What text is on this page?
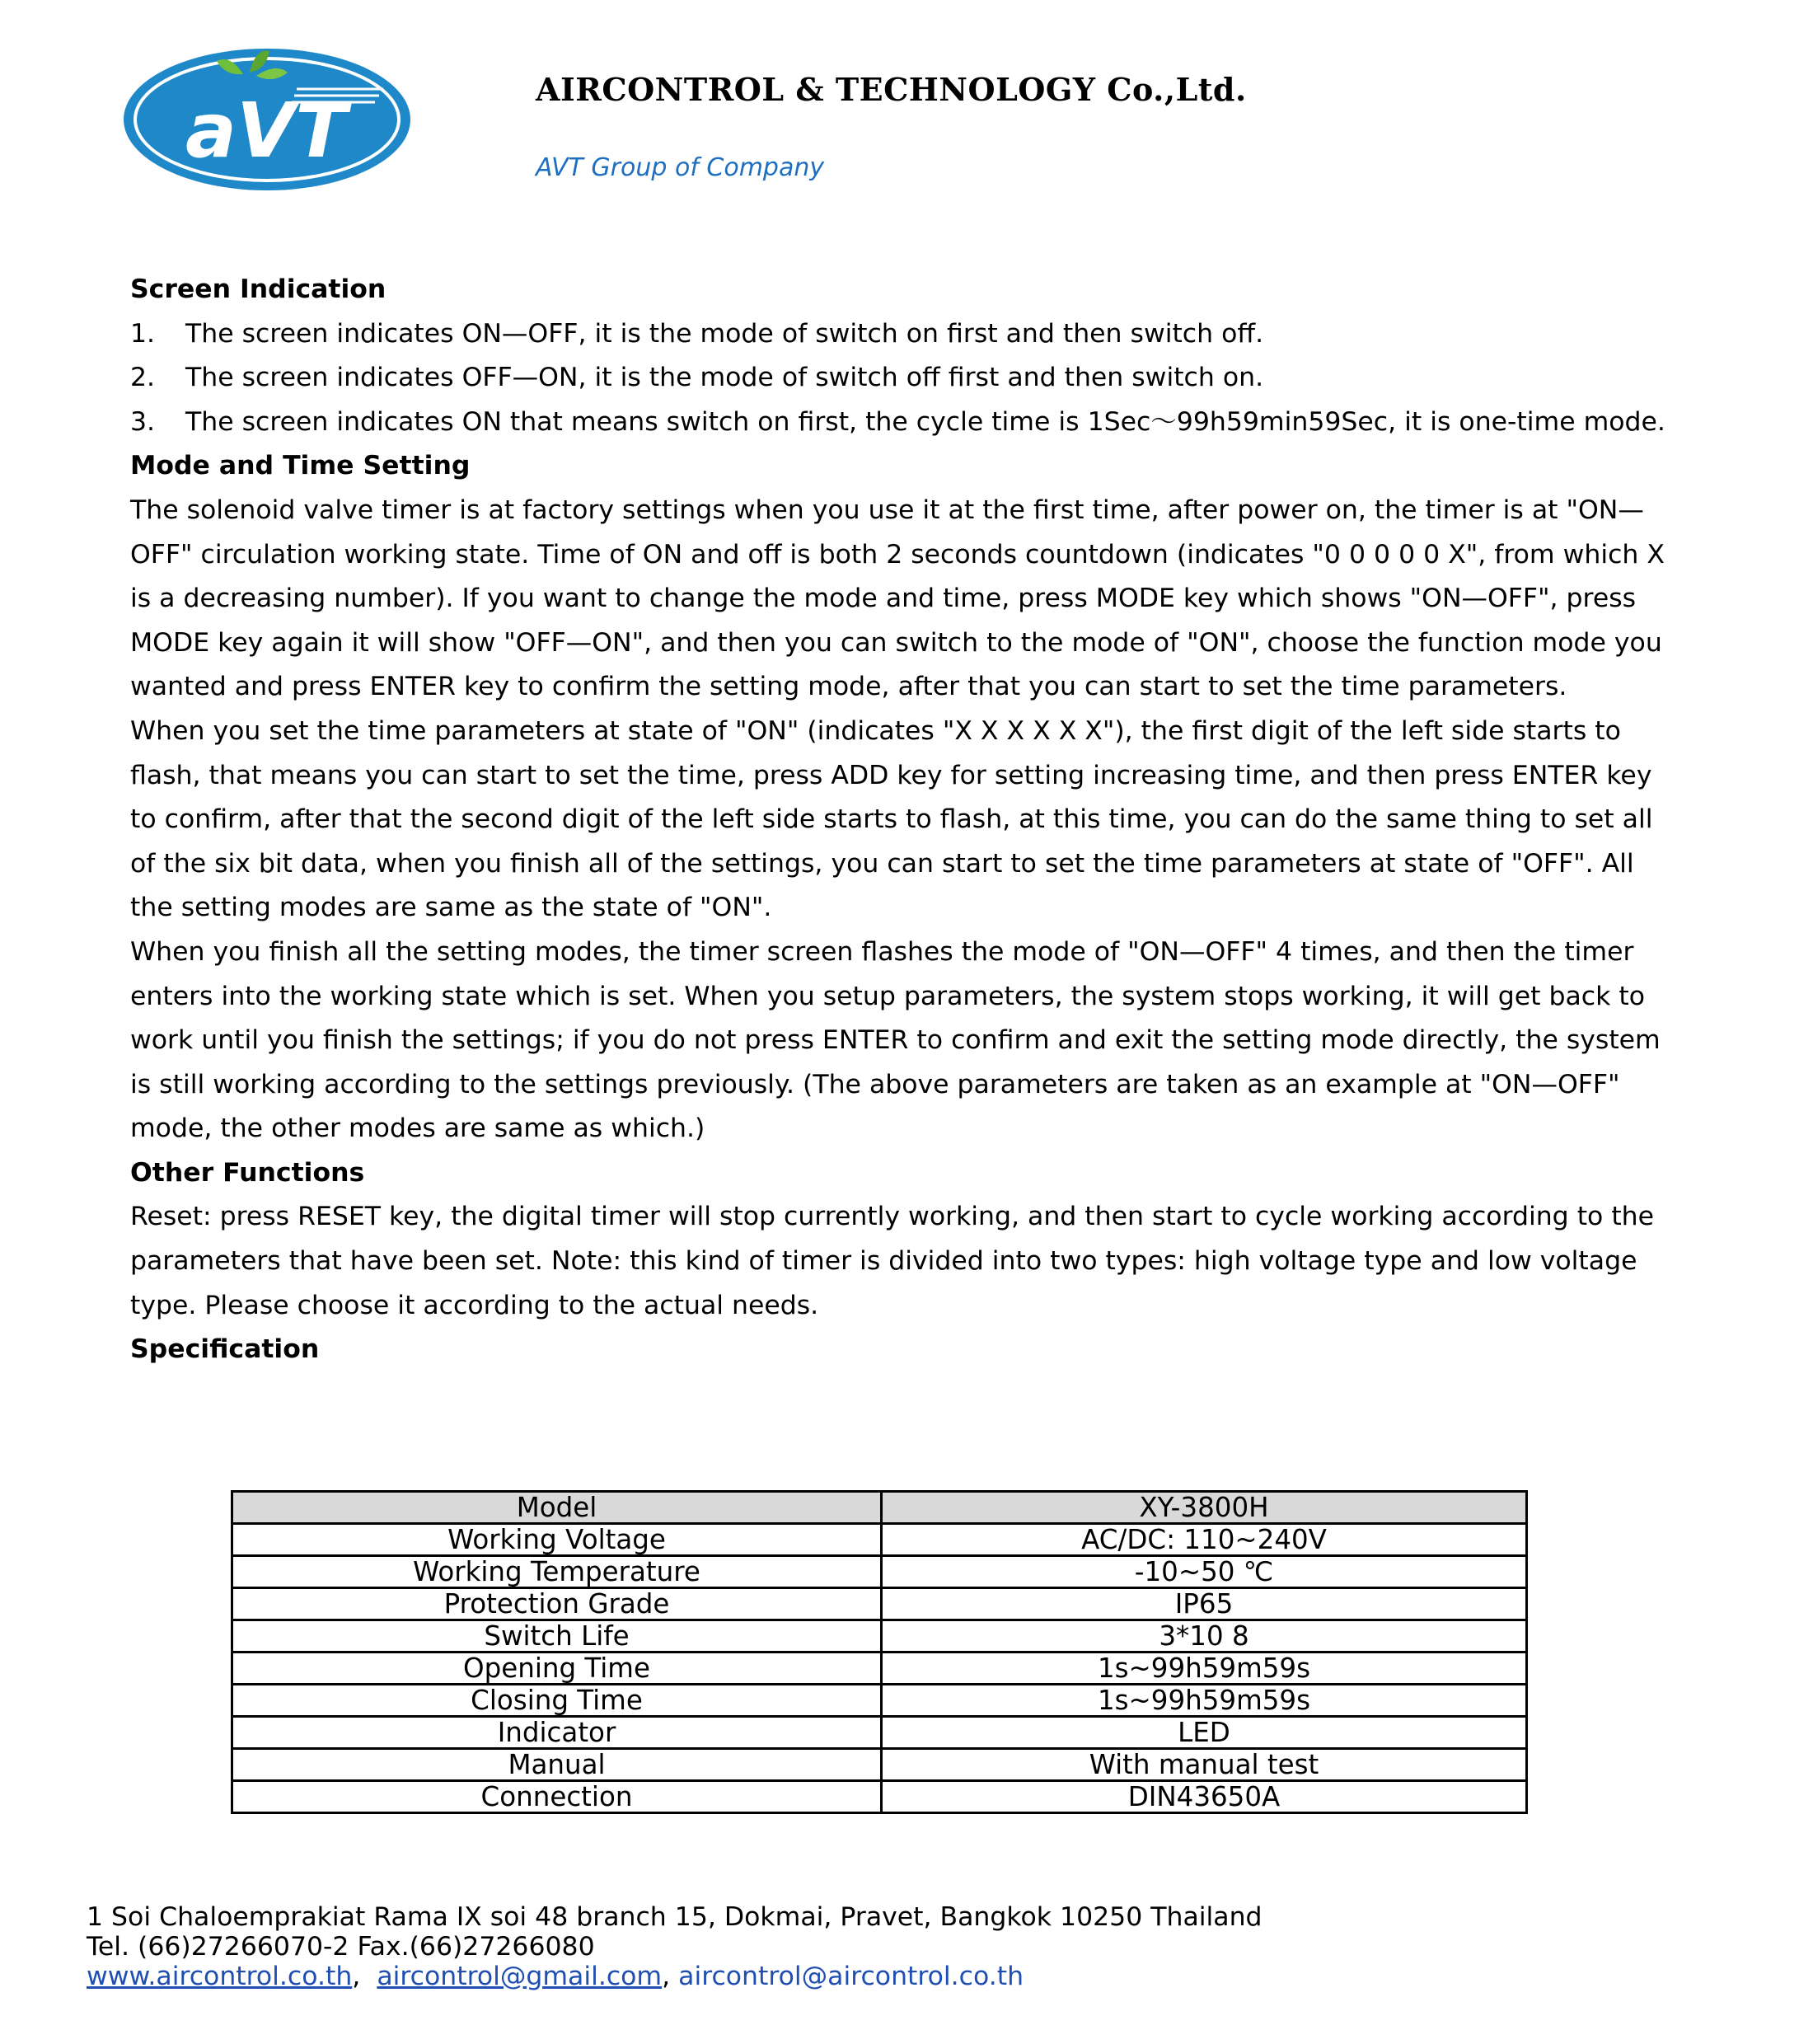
aVT	AIRCONTROL & TECHNOLOGY Co.,Ltd.
AVT Group of Company
Screen Indication
1. The screen indicates ON—OFF, it is the mode of switch on first and then switch off.
2. The screen indicates OFF—ON, it is the mode of switch off first and then switch on.
3. The screen indicates ON that means switch on first, the cycle time is 1Sec～99h59min59Sec, it is one-time mode.
Mode and Time Setting

The solenoid valve timer is at factory settings when you use it at the first time, after power on, the timer is at "ON—OFF" circulation working state. Time of ON and off is both 2 seconds countdown (indicates "0 0 0 0 0 X", from which X is a decreasing number). If you want to change the mode and time, press MODE key which shows "ON—OFF", press MODE key again it will show "OFF—ON", and then you can switch to the mode of "ON", choose the function mode you wanted and press ENTER key to confirm the setting mode, after that you can start to set the time parameters.

When you set the time parameters at state of "ON" (indicates "X X X X X X"), the first digit of the left side starts to flash, that means you can start to set the time, press ADD key for setting increasing time, and then press ENTER key to confirm, after that the second digit of the left side starts to flash, at this time, you can do the same thing to set all of the six bit data, when you finish all of the settings, you can start to set the time parameters at state of "OFF". All the setting modes are same as the state of "ON".

When you finish all the setting modes, the timer screen flashes the mode of "ON—OFF" 4 times, and then the timer enters into the working state which is set. When you setup parameters, the system stops working, it will get back to work until you finish the settings; if you do not press ENTER to confirm and exit the setting mode directly, the system is still working according to the settings previously. (The above parameters are taken as an example at "ON—OFF" mode, the other modes are same as which.)

Other Functions

Reset: press RESET key, the digital timer will stop currently working, and then start to cycle working according to the parameters that have been set. Note: this kind of timer is divided into two types: high voltage type and low voltage type. Please choose it according to the actual needs.

Specification
Model	XY-3800H
Working Voltage	AC/DC: 110~240V
Working Temperature	-10~50 ℃
Protection Grade	IP65
Switch Life	3*10 8
Opening Time	1s~99h59m59s
Closing Time	1s~99h59m59s
Indicator	LED
Manual	With manual test
Connection	DIN43650A
1 Soi Chaloemprakiat Rama IX soi 48 branch 15, Dokmai, Pravet, Bangkok 10250 Thailand
Tel. (66)27266070-2 Fax.(66)27266080
www.aircontrol.co.th, aircontrol@gmail.com, aircontrol@aircontrol.co.th
